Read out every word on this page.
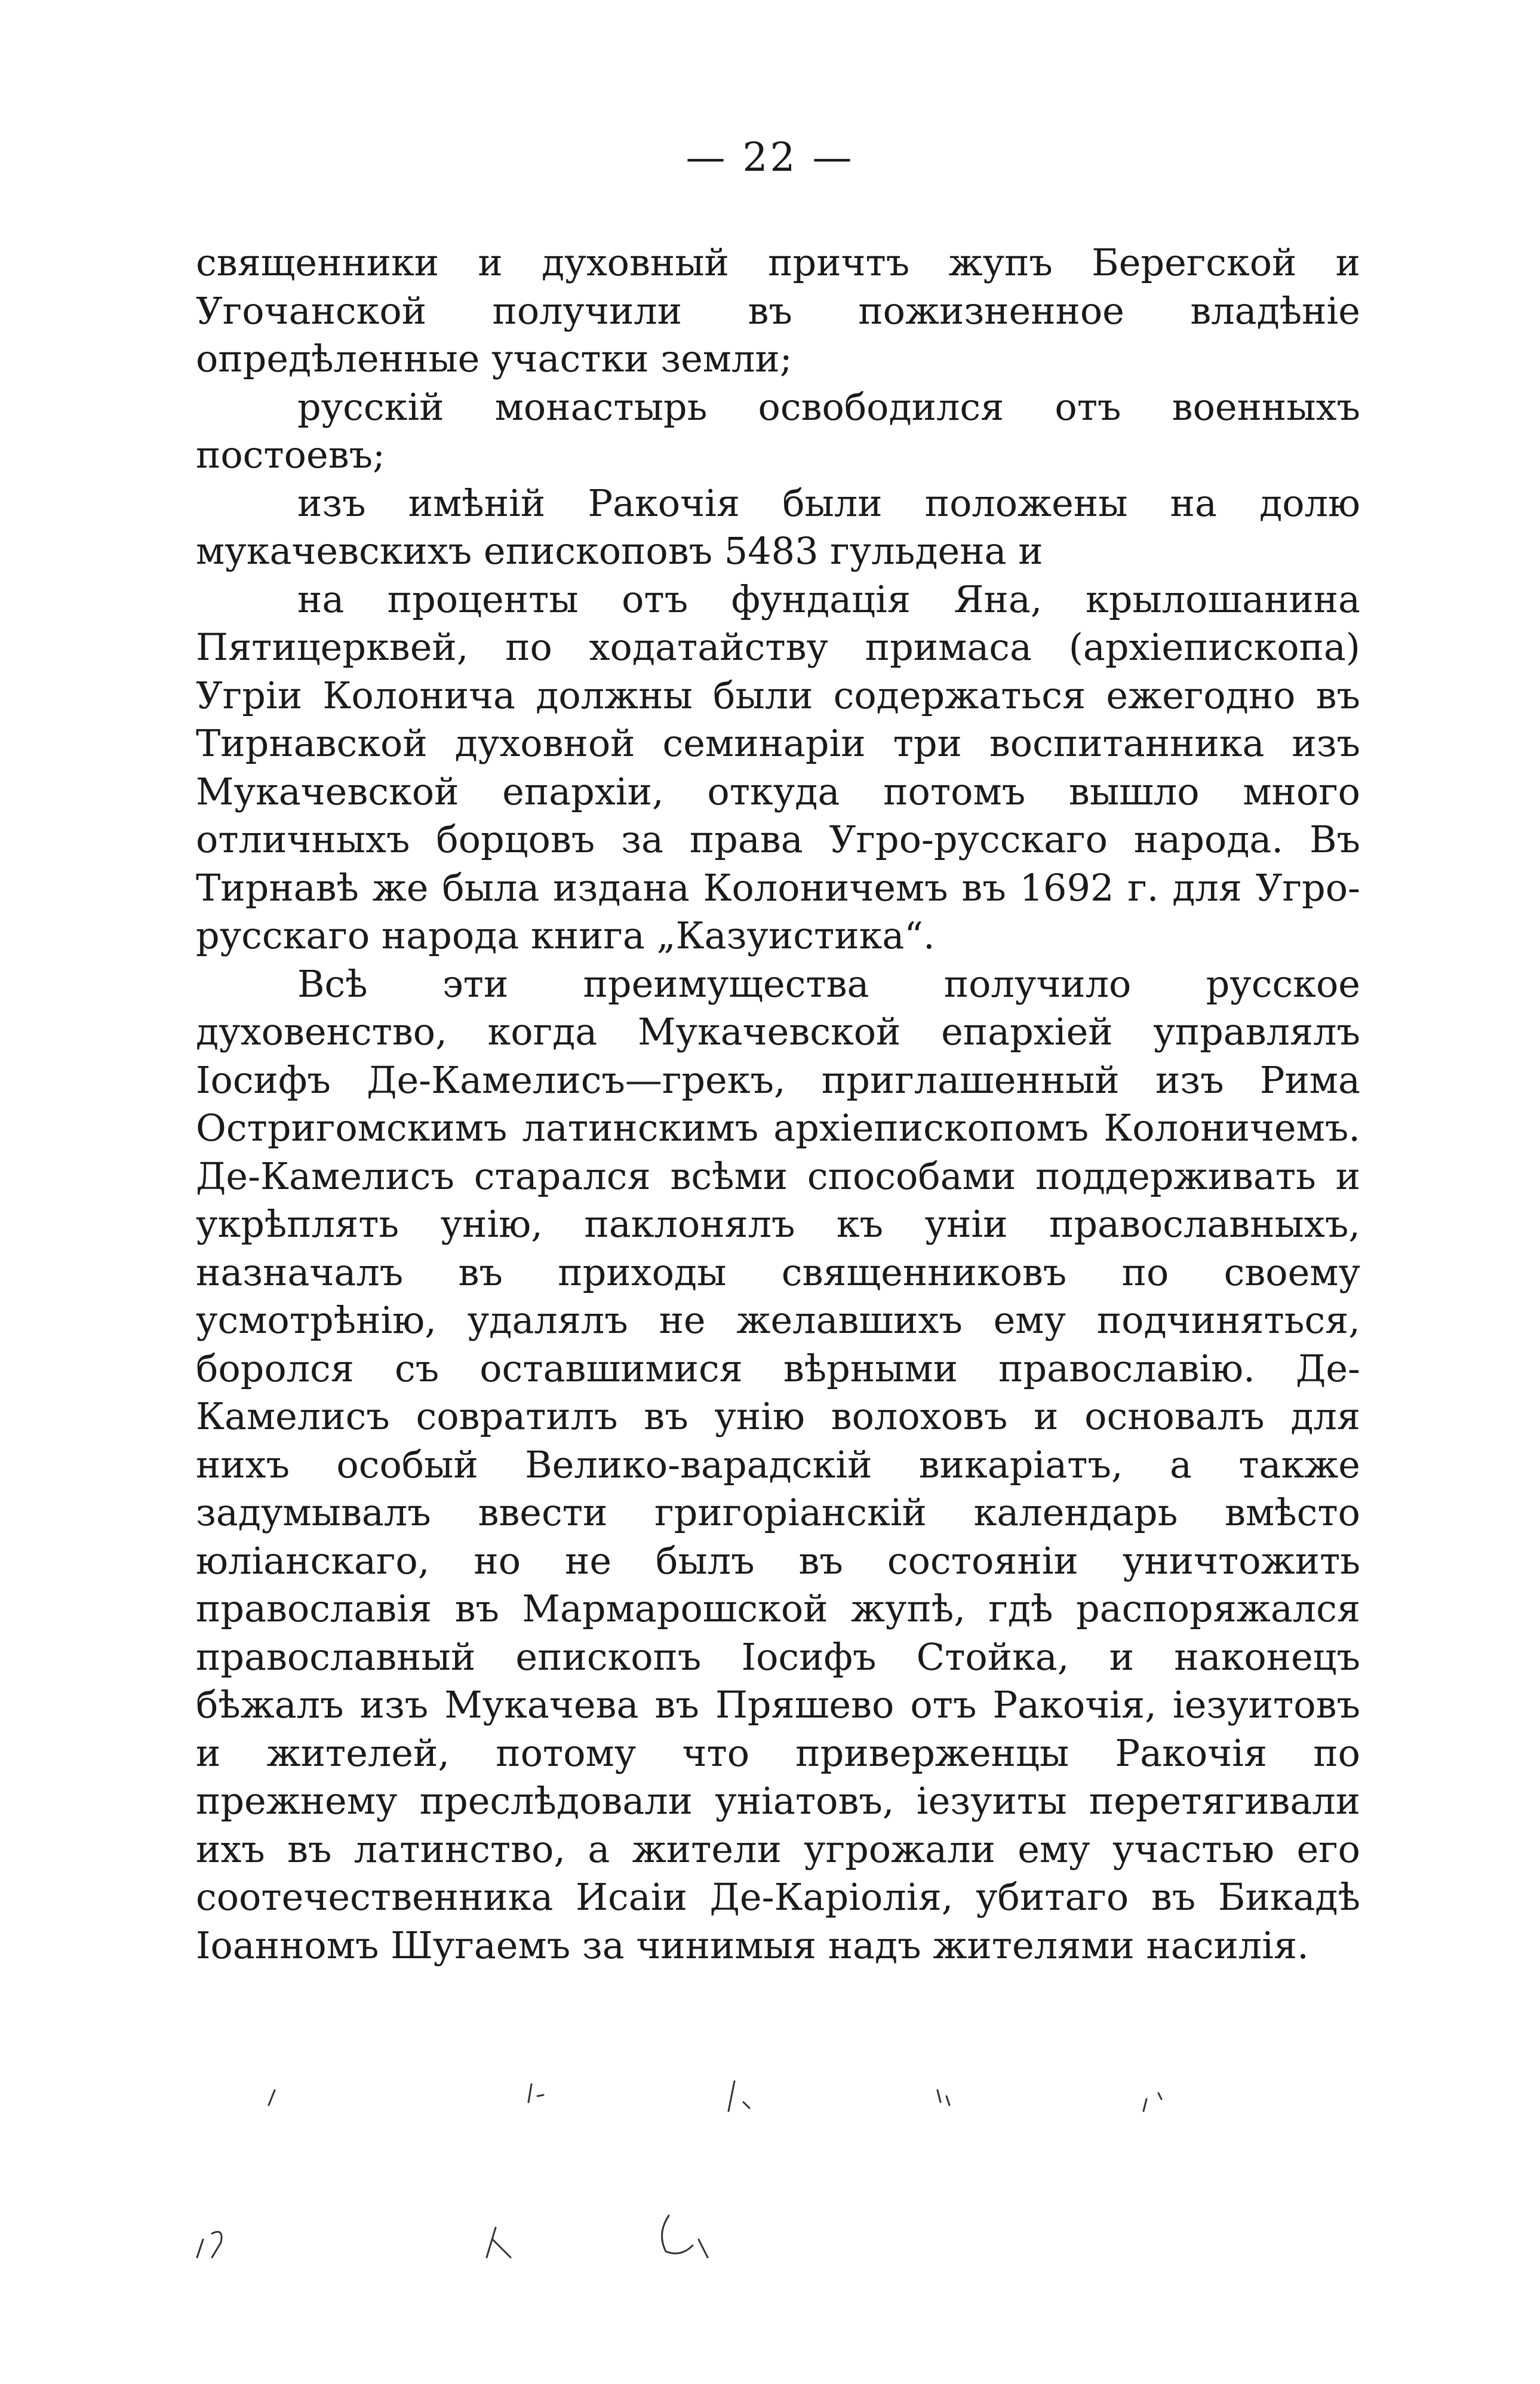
— 22 —

священники и духовный причтъ жупъ Берегской и Угочанской получили въ пожизненное владѣніе опредѣленные участки земли;

русскій монастырь освободился отъ военныхъ постоевъ;

изъ имѣній Ракочія были положены на долю мукачевскихъ епископовъ 5483 гульдена и

на проценты отъ фундація Яна, крылошанина Пятицерквей, по ходатайству примаса (архіепископа) Угріи Колонича должны были содержаться ежегодно въ Тирнавской духовной семинаріи три воспитанника изъ Мукачевской епархіи, откуда потомъ вышло много отличныхъ борцовъ за права Угро-русскаго народа. Въ Тирнавѣ же была издана Колоничемъ въ 1692 г. для Угро-русскаго народа книга „Казуистика“.

Всѣ эти преимущества получило русское духовенство, когда Мукачевской епархіей управлялъ Іосифъ Де-Камелисъ—грекъ, приглашенный изъ Рима Остригомскимъ латинскимъ архіепископомъ Колоничемъ. Де-Камелисъ старался всѣми способами поддерживать и укрѣплять унію, паклонялъ къ уніи православныхъ, назначалъ въ приходы священниковъ по своему усмотрѣнію, удалялъ не желавшихъ ему подчиняться, боролся съ оставшимися вѣрными православію. Де-Камелисъ совратилъ въ унію волоховъ и основалъ для нихъ особый Велико-варадскій викаріатъ, а также задумывалъ ввести григоріанскій календарь вмѣсто юліанскаго, но не былъ въ состояніи уничтожить православія въ Мармарошской жупѣ, гдѣ распоряжался православный епископъ Іосифъ Стойка, и наконецъ бѣжалъ изъ Мукачева въ Пряшево отъ Ракочія, іезуитовъ и жителей, потому что приверженцы Ракочія по прежнему преслѣдовали уніатовъ, іезуиты перетягивали ихъ въ латинство, а жители угрожали ему участью его соотечественника Исаіи Де-Каріолія, убитаго въ Бикадѣ Іоанномъ Шугаемъ за чинимыя надъ жителями насилія.
